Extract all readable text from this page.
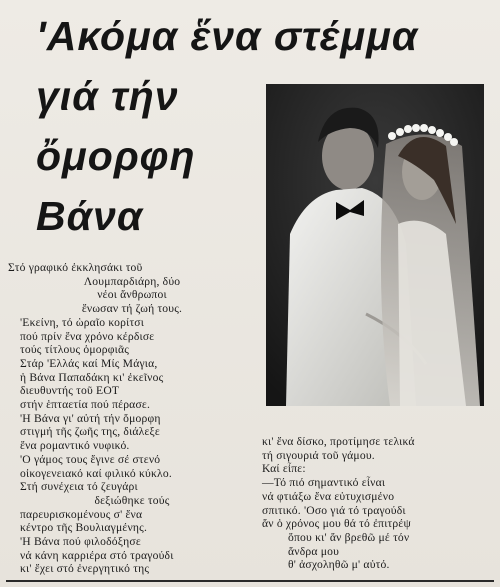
'Ακόμα ἕνα στέμμα
γιά τήν
ὄμορφη
Βάνα

Στό γραφικό ἐκκλησάκι τοῦ

Λουμπαρδιάρη, δύο

νέοι ἄνθρωποι

ἕνωσαν τή ζωή τους.

'Εκείνη, τό ὡραῖο κορίτσι

πού πρίν ἕνα χρόνο κέρδισε

τούς τίτλους ὀμορφιᾶς

Στάρ 'Ελλάς καί Μίς Μάγια,

ἡ Βάνα Παπαδάκη κι' ἐκεῖνος

διευθυντής τοῦ ΕΟΤ

στήν ἑπταετία πού πέρασε.

'Η Βάνα γι' αὐτή τήν ὄμορφη

στιγμή τῆς ζωῆς της, διάλεξε

ἕνα ρομαντικό νυφικό.

'Ο γάμος τους ἔγινε σέ στενό

οἰκογενειακό καί φιλικό κύκλο.

Στή συνέχεια τό ζευγάρι

δεξιώθηκε τούς

παρευρισκομένους σ' ἕνα

κέντρο τῆς Βουλιαγμένης.

'Η Βάνα πού φιλοδόξησε

νά κάνη καρριέρα στό τραγούδι

κι' ἔχει στό ἐνεργητικό της

κι' ἕνα δίσκο, προτίμησε τελικά

τή σιγουριά τοῦ γάμου.

Καί εἶπε:

—Τό πιό σημαντικό εἶναι

νά φτιάξω ἕνα εὐτυχισμένο

σπιτικό. 'Οσο γιά τό τραγούδι

ἄν ὁ χρόνος μου θά τό ἐπιτρέψ

ὅπου κι' ἄν βρεθῶ μέ τόν

ἄνδρα μου

θ' ἀσχοληθῶ μ' αὐτό.
